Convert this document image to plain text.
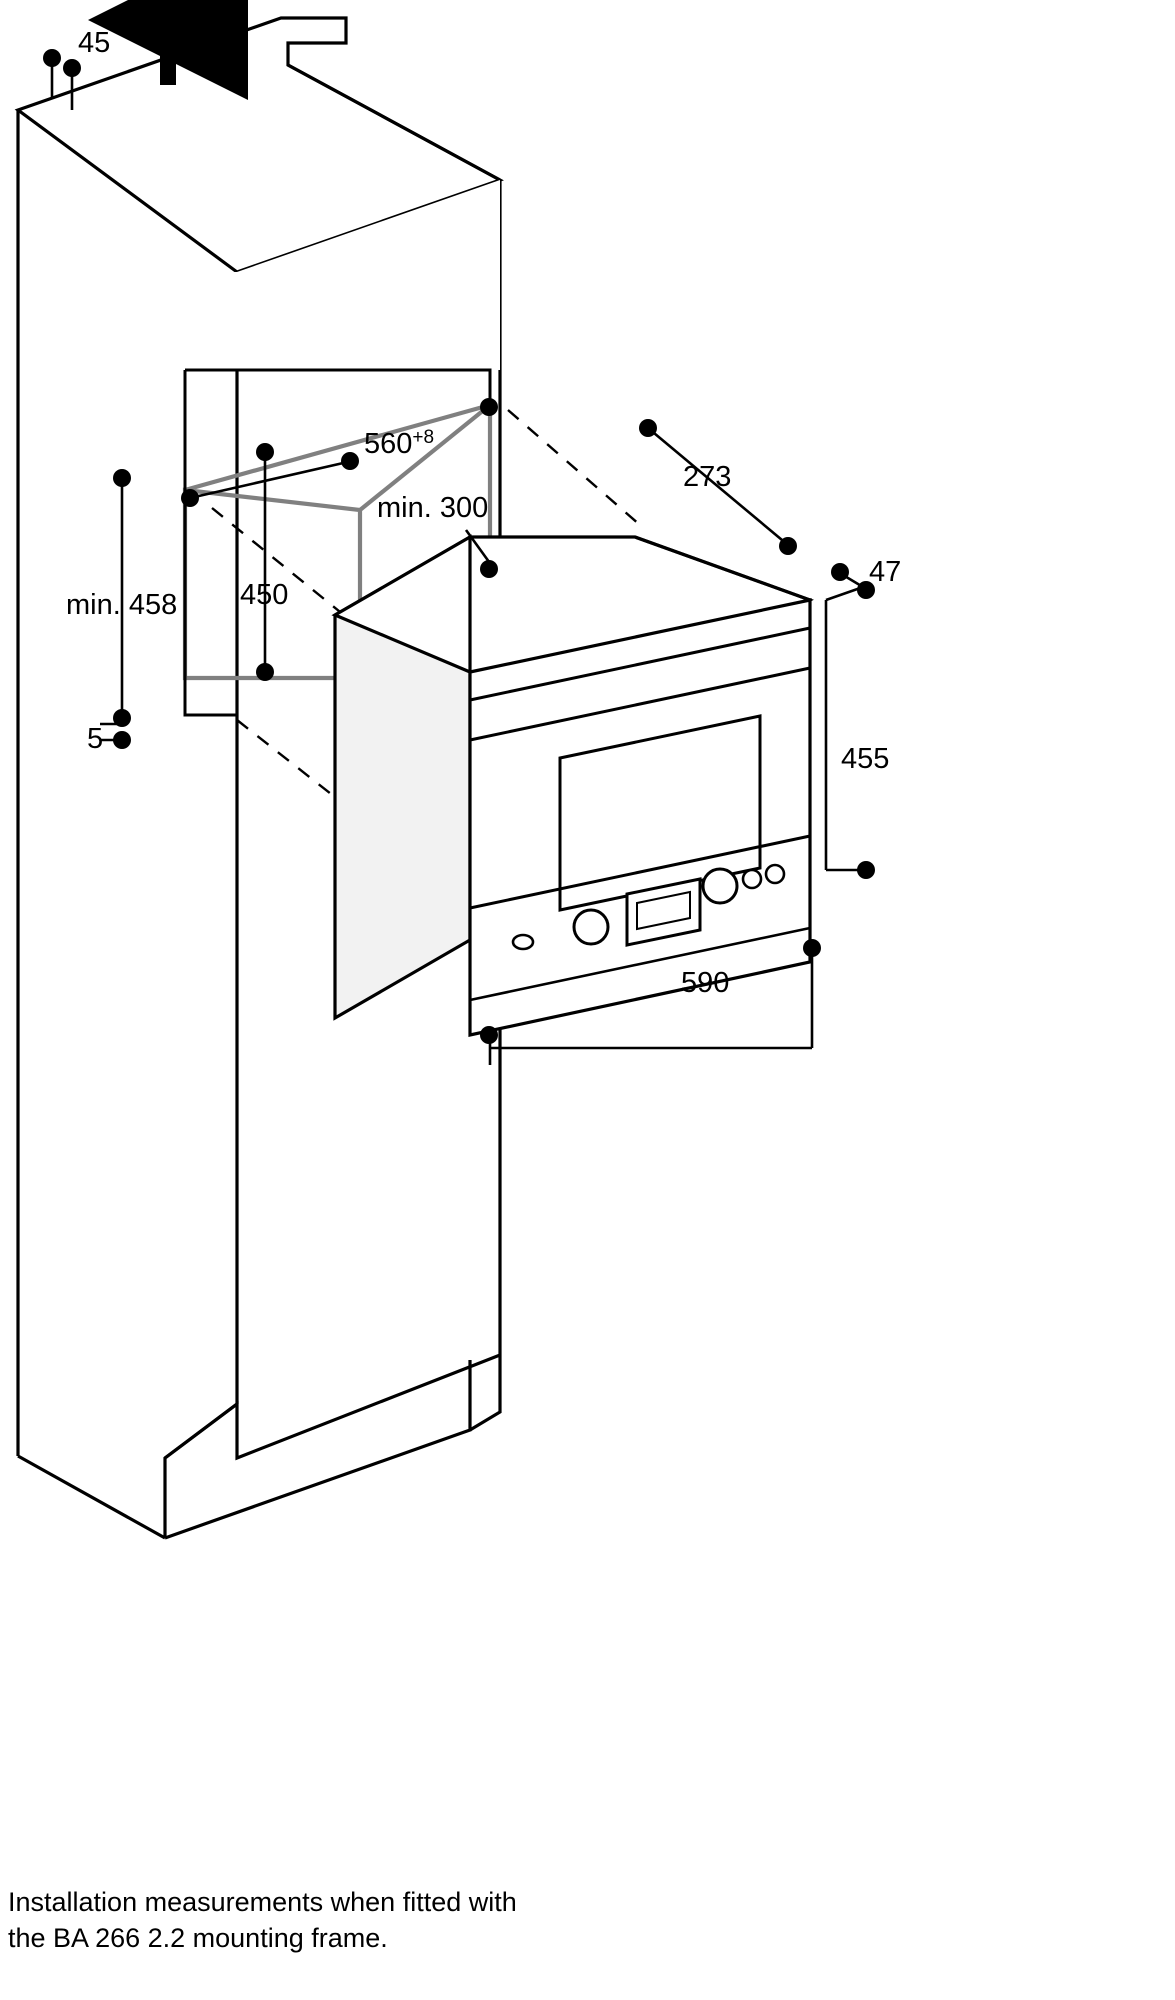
45
$560^{+8}$
min. 300
273
47
min. 458 450
455
5
590
Installation measurements when fitted with
the BA 266 2.2 mounting frame.
